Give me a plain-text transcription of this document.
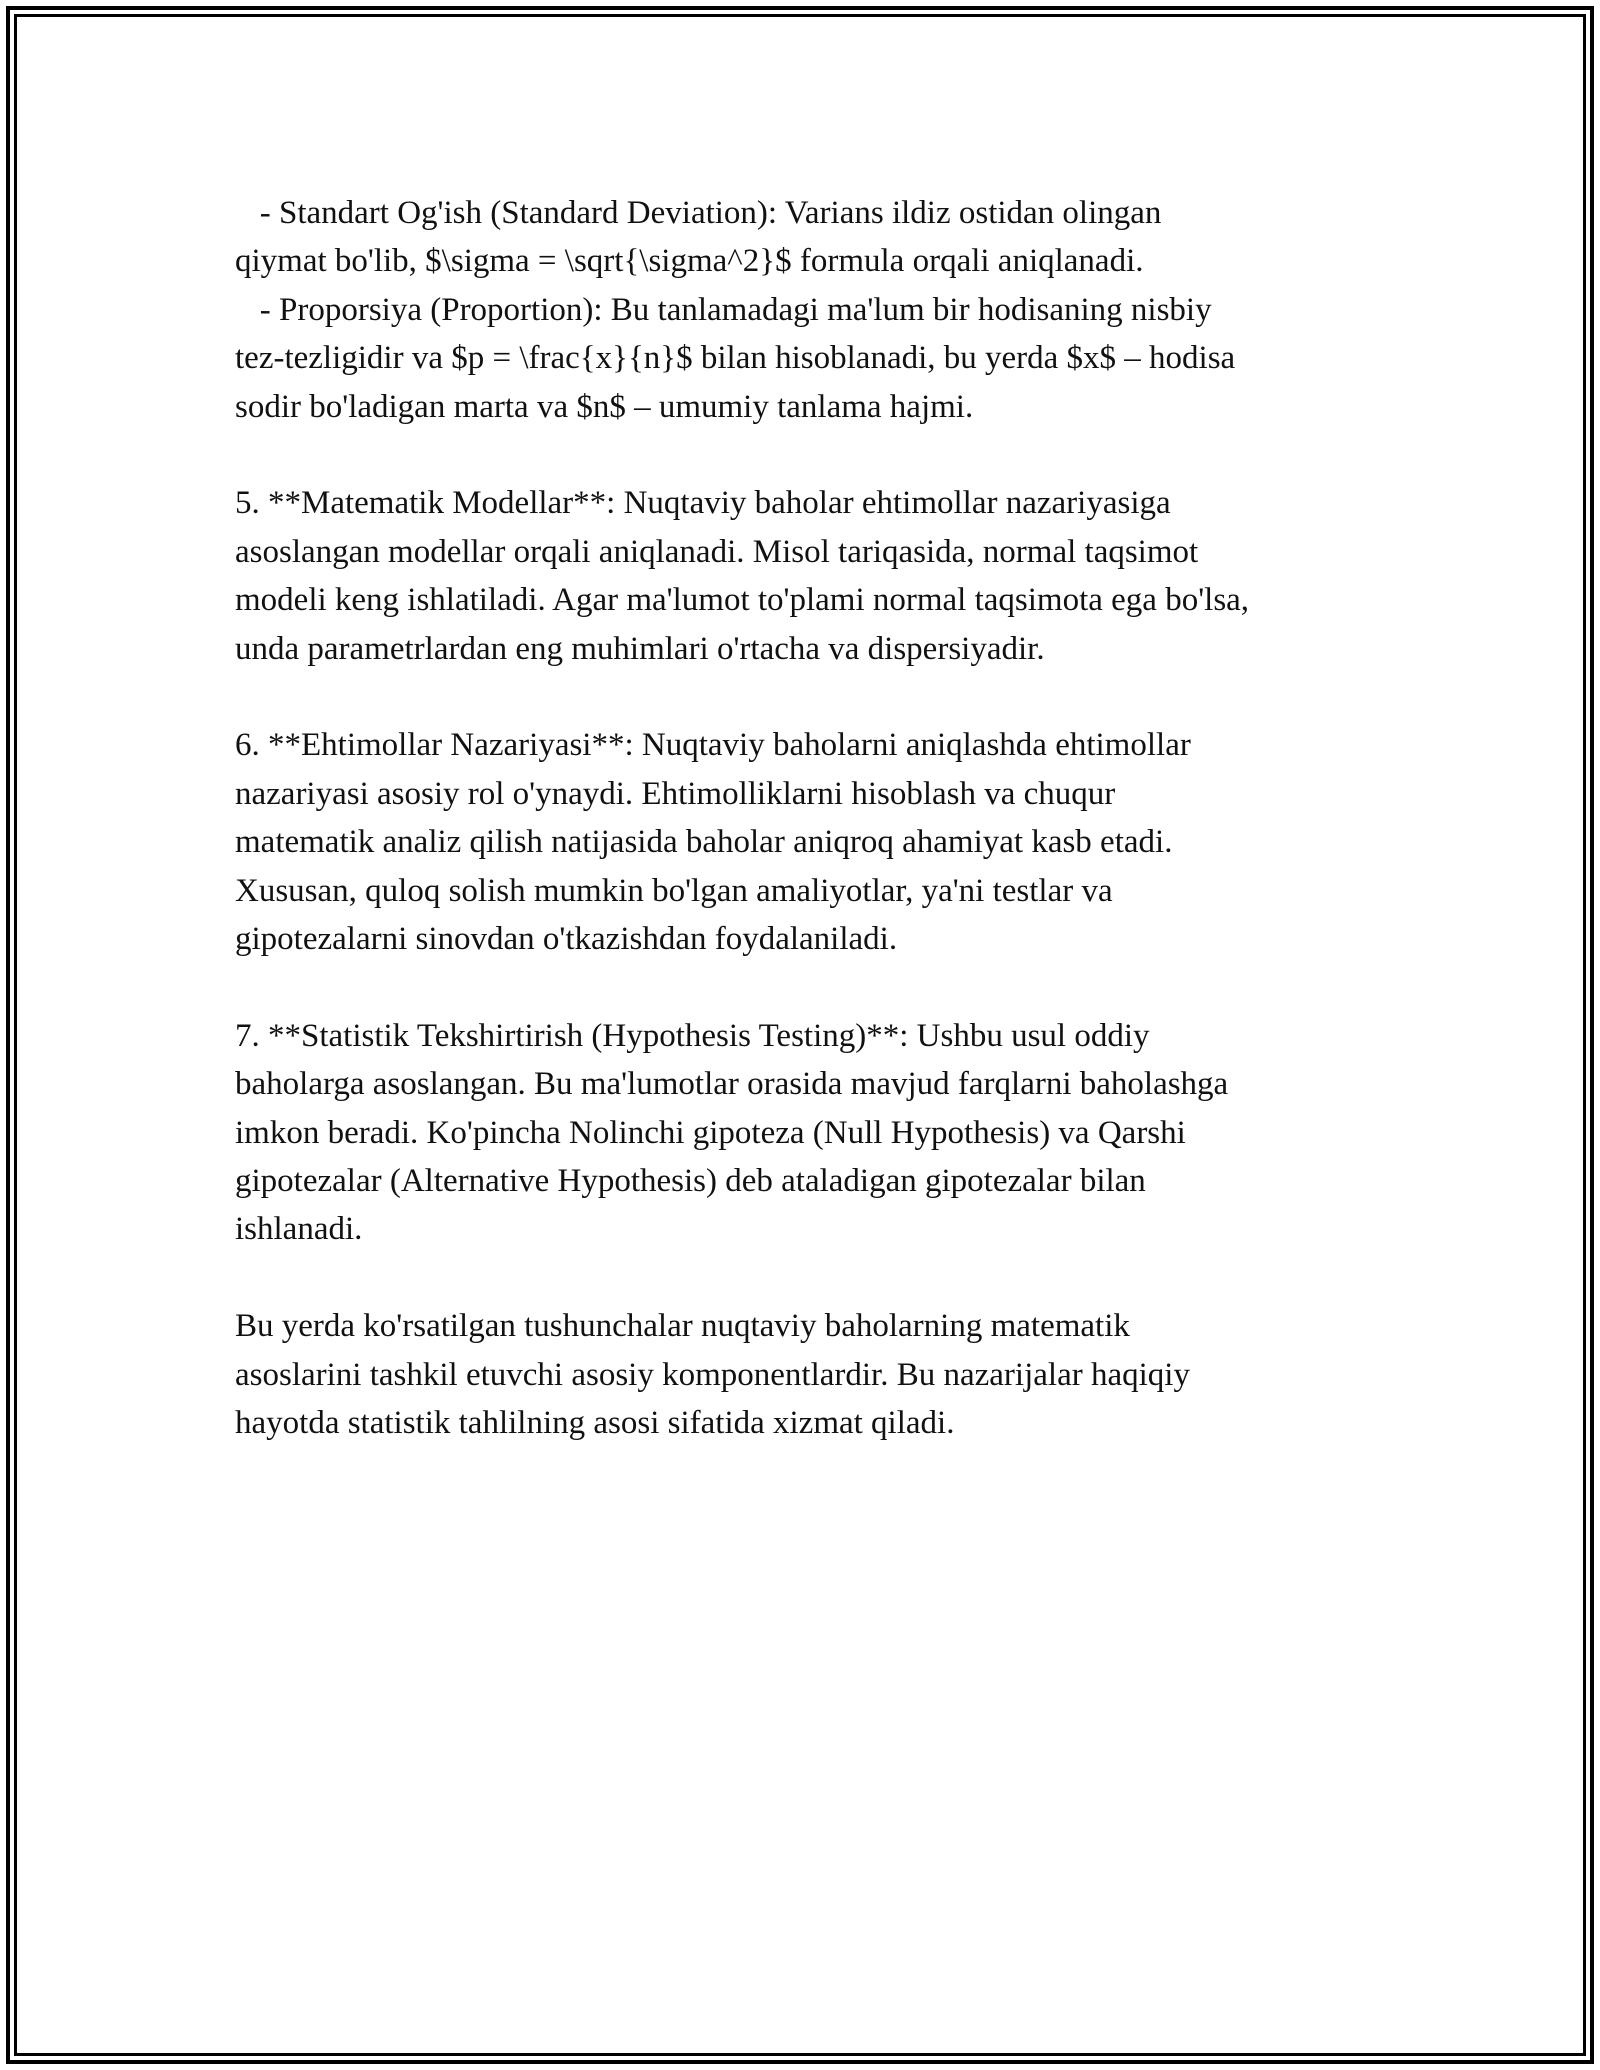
- Standart Og'ish (Standard Deviation): Varians ildiz ostidan olingan
qiymat bo'lib, $\sigma = \sqrt{\sigma^2}$ formula orqali aniqlanadi.
- Proporsiya (Proportion): Bu tanlamadagi ma'lum bir hodisaning nisbiy
tez-tezligidir va $p = \frac{x}{n}$ bilan hisoblanadi, bu yerda $x$ – hodisa
sodir bo'ladigan marta va $n$ – umumiy tanlama hajmi.
5. **Matematik Modellar**: Nuqtaviy baholar ehtimollar nazariyasiga
asoslangan modellar orqali aniqlanadi. Misol tariqasida, normal taqsimot
modeli keng ishlatiladi. Agar ma'lumot to'plami normal taqsimota ega bo'lsa,
unda parametrlardan eng muhimlari o'rtacha va dispersiyadir.
6. **Ehtimollar Nazariyasi**: Nuqtaviy baholarni aniqlashda ehtimollar
nazariyasi asosiy rol o'ynaydi. Ehtimolliklarni hisoblash va chuqur
matematik analiz qilish natijasida baholar aniqroq ahamiyat kasb etadi.
Xususan, quloq solish mumkin bo'lgan amaliyotlar, ya'ni testlar va
gipotezalarni sinovdan o'tkazishdan foydalaniladi.
7. **Statistik Tekshirtirish (Hypothesis Testing)**: Ushbu usul oddiy
baholarga asoslangan. Bu ma'lumotlar orasida mavjud farqlarni baholashga
imkon beradi. Ko'pincha Nolinchi gipoteza (Null Hypothesis) va Qarshi
gipotezalar (Alternative Hypothesis) deb ataladigan gipotezalar bilan
ishlanadi.
Bu yerda ko'rsatilgan tushunchalar nuqtaviy baholarning matematik
asoslarini tashkil etuvchi asosiy komponentlardir. Bu nazarijalar haqiqiy
hayotda statistik tahlilning asosi sifatida xizmat qiladi.
